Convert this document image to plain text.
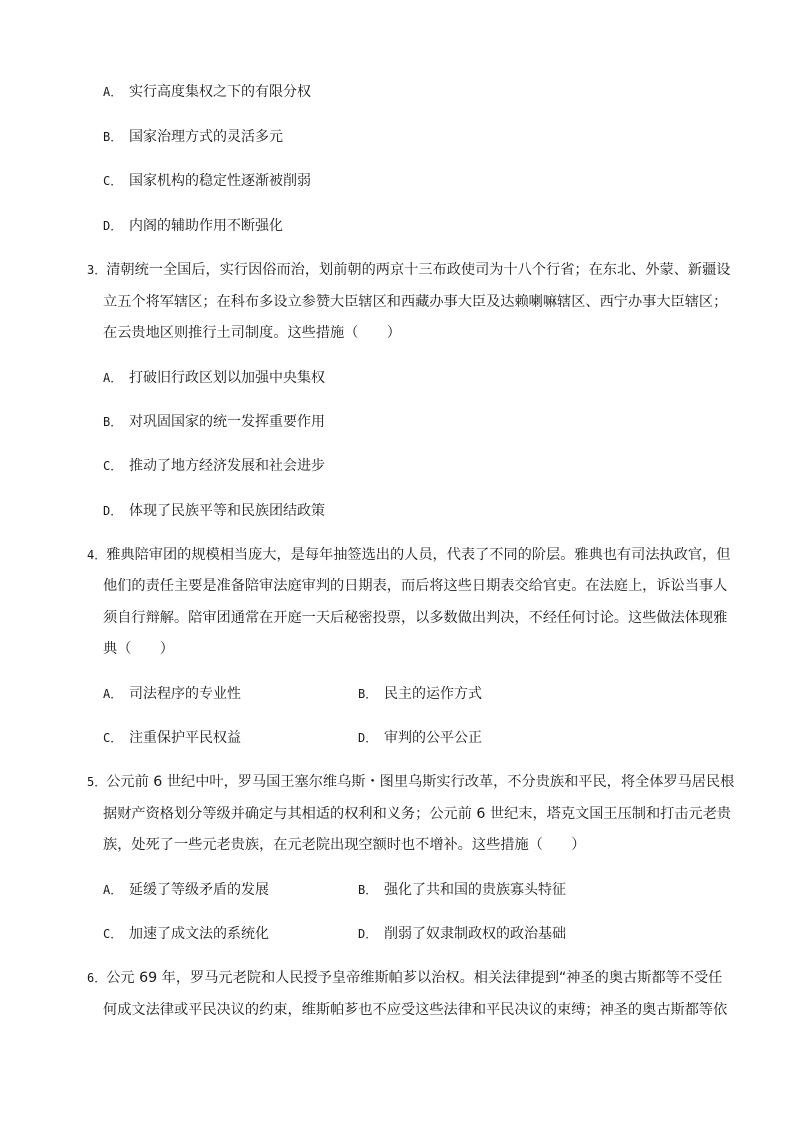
A． 实行高度集权之下的有限分权
B． 国家治理方式的灵活多元
C． 国家机构的稳定性逐渐被削弱
D． 内阁的辅助作用不断强化
3．清朝统一全国后，实行因俗而治，划前朝的两京十三布政使司为十八个行省；在东北、外蒙、新疆设
立五个将军辖区；在科布多设立参赞大臣辖区和西藏办事大臣及达赖喇嘛辖区、西宁办事大臣辖区；
在云贵地区则推行土司制度。这些措施（　　）
A． 打破旧行政区划以加强中央集权
B． 对巩固国家的统一发挥重要作用
C． 推动了地方经济发展和社会进步
D． 体现了民族平等和民族团结政策
4．雅典陪审团的规模相当庞大，是每年抽签选出的人员，代表了不同的阶层。雅典也有司法执政官，但
他们的责任主要是准备陪审法庭审判的日期表，而后将这些日期表交给官吏。在法庭上，诉讼当事人
须自行辩解。陪审团通常在开庭一天后秘密投票，以多数做出判决，不经任何讨论。这些做法体现雅
典（　　）
A． 司法程序的专业性	B． 民主的运作方式
C． 注重保护平民权益	D． 审判的公平公正
5．公元前 6 世纪中叶，罗马国王塞尔维乌斯・图里乌斯实行改革，不分贵族和平民，将全体罗马居民根
据财产资格划分等级并确定与其相适的权利和义务；公元前 6 世纪末，塔克文国王压制和打击元老贵
族，处死了一些元老贵族，在元老院出现空额时也不增补。这些措施（　　）
A． 延缓了等级矛盾的发展	B． 强化了共和国的贵族寡头特征
C． 加速了成文法的系统化	D． 削弱了奴隶制政权的政治基础
6．公元 69 年，罗马元老院和人民授予皇帝维斯帕芗以治权。相关法律提到“神圣的奥古斯都等不受任
何成文法律或平民决议的约束，维斯帕芗也不应受这些法律和平民决议的束缚；神圣的奥古斯都等依
